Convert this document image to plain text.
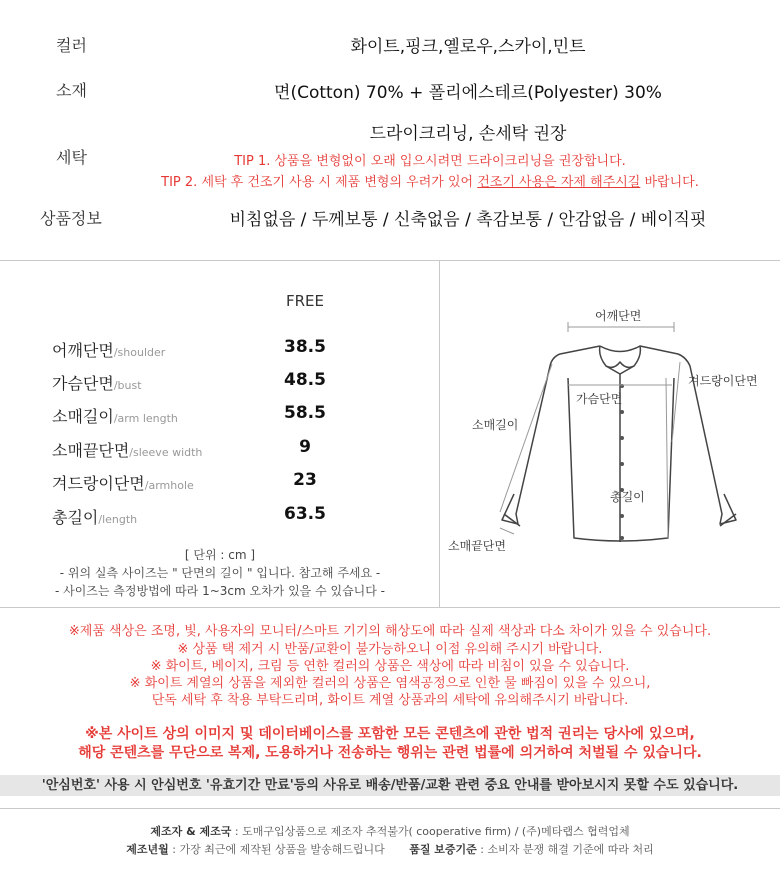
컬러	화이트,핑크,옐로우,스카이,민트
소재	면(Cotton) 70% + 폴리에스테르(Polyester) 30%
세탁
드라이크리닝, 손세탁 권장
TIP 1. 상품을 변형없이 오래 입으시려면 드라이크리닝을 권장합니다.
TIP 2. 세탁 후 건조기 사용 시 제품 변형의 우려가 있어 건조기 사용은 자제 해주시길 바랍니다.
상품정보	비침없음 / 두께보통 / 신축없음 / 촉감보통 / 안감없음 / 베이직핏
FREE
어깨단면/shoulder	38.5
가슴단면/bust	48.5
소매길이/arm length	58.5
소매끝단면/sleeve width	9
겨드랑이단면/armhole	23
총길이/length	63.5
[ 단위 : cm ]
- 위의 실측 사이즈는 " 단면의 길이 " 입니다. 참고해 주세요 -
- 사이즈는 측정방법에 따라 1~3cm 오차가 있을 수 있습니다 -
어깨단면
겨드랑이단면
가슴단면
소매길이
총길이
소매끝단면
※제품 색상은 조명, 빛, 사용자의 모니터/스마트 기기의 해상도에 따라 실제 색상과 다소 차이가 있을 수 있습니다.
※ 상품 택 제거 시 반품/교환이 불가능하오니 이점 유의해 주시기 바랍니다.
※ 화이트, 베이지, 크림 등 연한 컬러의 상품은 색상에 따라 비침이 있을 수 있습니다.
※ 화이트 계열의 상품을 제외한 컬러의 상품은 염색공정으로 인한 물 빠짐이 있을 수 있으니,
단독 세탁 후 착용 부탁드리며, 화이트 계열 상품과의 세탁에 유의해주시기 바랍니다.
※본 사이트 상의 이미지 및 데이터베이스를 포함한 모든 콘텐츠에 관한 법적 권리는 당사에 있으며,
해당 콘텐츠를 무단으로 복제, 도용하거나 전송하는 행위는 관련 법률에 의거하여 처벌될 수 있습니다.
'안심번호' 사용 시 안심번호 '유효기간 만료'등의 사유로 배송/반품/교환 관련 중요 안내를 받아보시지 못할 수도 있습니다.
제조자 & 제조국 : 도매구입상품으로 제조자 추적불가( cooperative firm) / (주)메타랩스 협력업체
제조년월 : 가장 최근에 제작된 상품을 발송해드립니다 품질 보증기준 : 소비자 분쟁 해결 기준에 따라 처리
